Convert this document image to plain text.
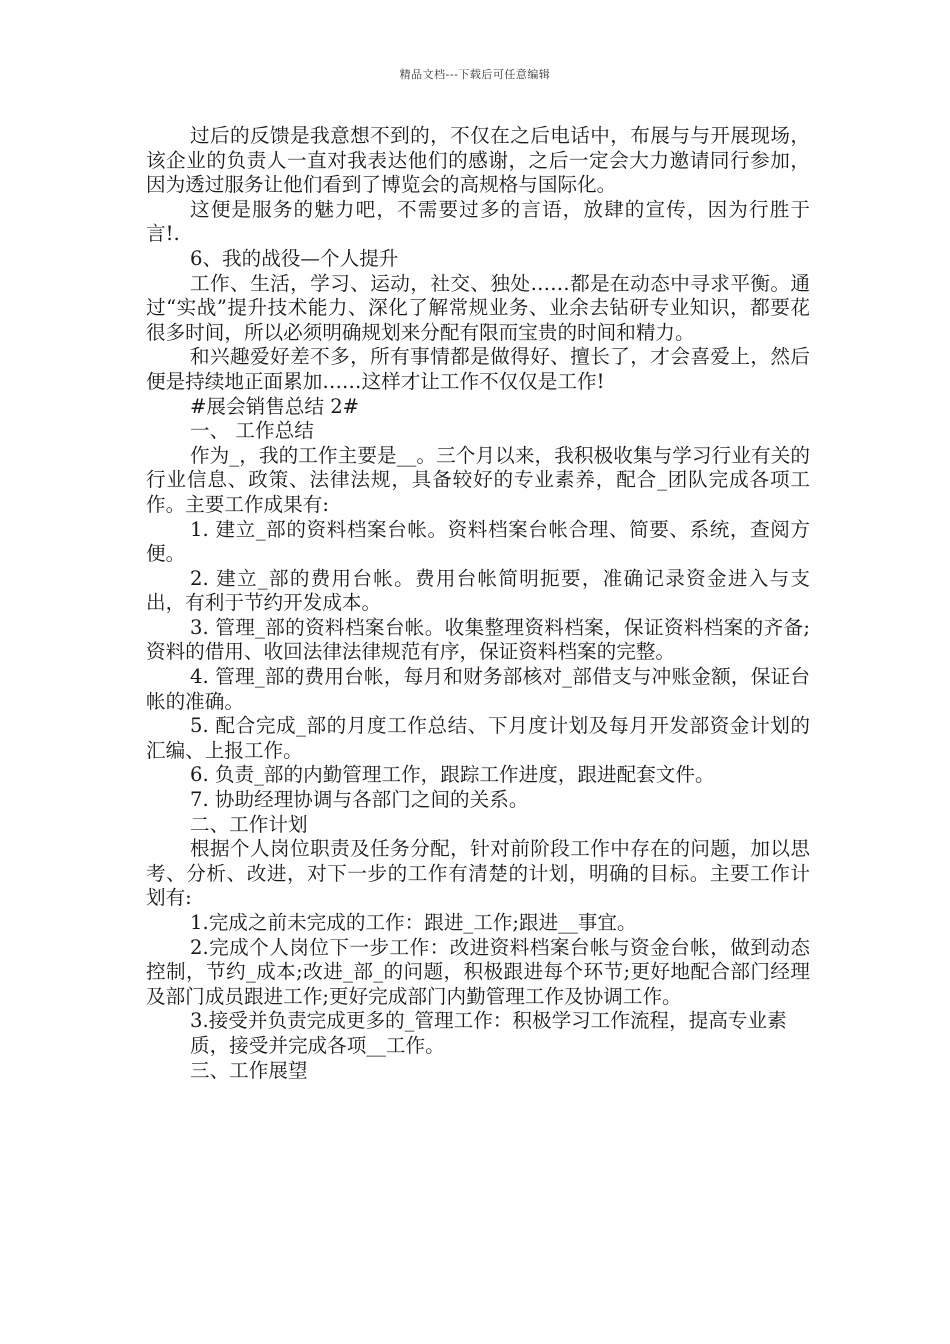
精品文档---下载后可任意编辑

过后的反馈是我意想不到的，不仅在之后电话中，布展与与开展现场，该企业的负责人一直对我表达他们的感谢，之后一定会大力邀请同行参加，因为透过服务让他们看到了博览会的高规格与国际化。

这便是服务的魅力吧，不需要过多的言语，放肆的宣传，因为行胜于言!.

6、我的战役—个人提升

工作、生活，学习、运动，社交、独处……都是在动态中寻求平衡。通过“实战”提升技术能力、深化了解常规业务、业余去钻研专业知识，都要花很多时间，所以必须明确规划来分配有限而宝贵的时间和精力。

和兴趣爱好差不多，所有事情都是做得好、擅长了，才会喜爱上，然后便是持续地正面累加……这样才让工作不仅仅是工作!

#展会销售总结 2#

一、 工作总结

作为_，我的工作主要是__。三个月以来，我积极收集与学习行业有关的行业信息、政策、法律法规，具备较好的专业素养，配合_团队完成各项工作。主要工作成果有:

1. 建立_部的资料档案台帐。资料档案台帐合理、简要、系统，查阅方便。

2. 建立_部的费用台帐。费用台帐简明扼要，准确记录资金进入与支出，有利于节约开发成本。

3. 管理_部的资料档案台帐。收集整理资料档案，保证资料档案的齐备;资料的借用、收回法律法律规范有序，保证资料档案的完整。

4. 管理_部的费用台帐，每月和财务部核对_部借支与冲账金额，保证台帐的准确。

5. 配合完成_部的月度工作总结、下月度计划及每月开发部资金计划的汇编、上报工作。

6. 负责_部的内勤管理工作，跟踪工作进度，跟进配套文件。

7. 协助经理协调与各部门之间的关系。

二、工作计划

根据个人岗位职责及任务分配，针对前阶段工作中存在的问题，加以思考、分析、改进，对下一步的工作有清楚的计划，明确的目标。主要工作计划有:

1.完成之前未完成的工作：跟进_工作;跟进__事宜。

2.完成个人岗位下一步工作：改进资料档案台帐与资金台帐，做到动态控制，节约_成本;改进_部_的问题，积极跟进每个环节;更好地配合部门经理及部门成员跟进工作;更好完成部门内勤管理工作及协调工作。

3.接受并负责完成更多的_管理工作：积极学习工作流程，提高专业素

质，接受并完成各项__工作。

三、工作展望
